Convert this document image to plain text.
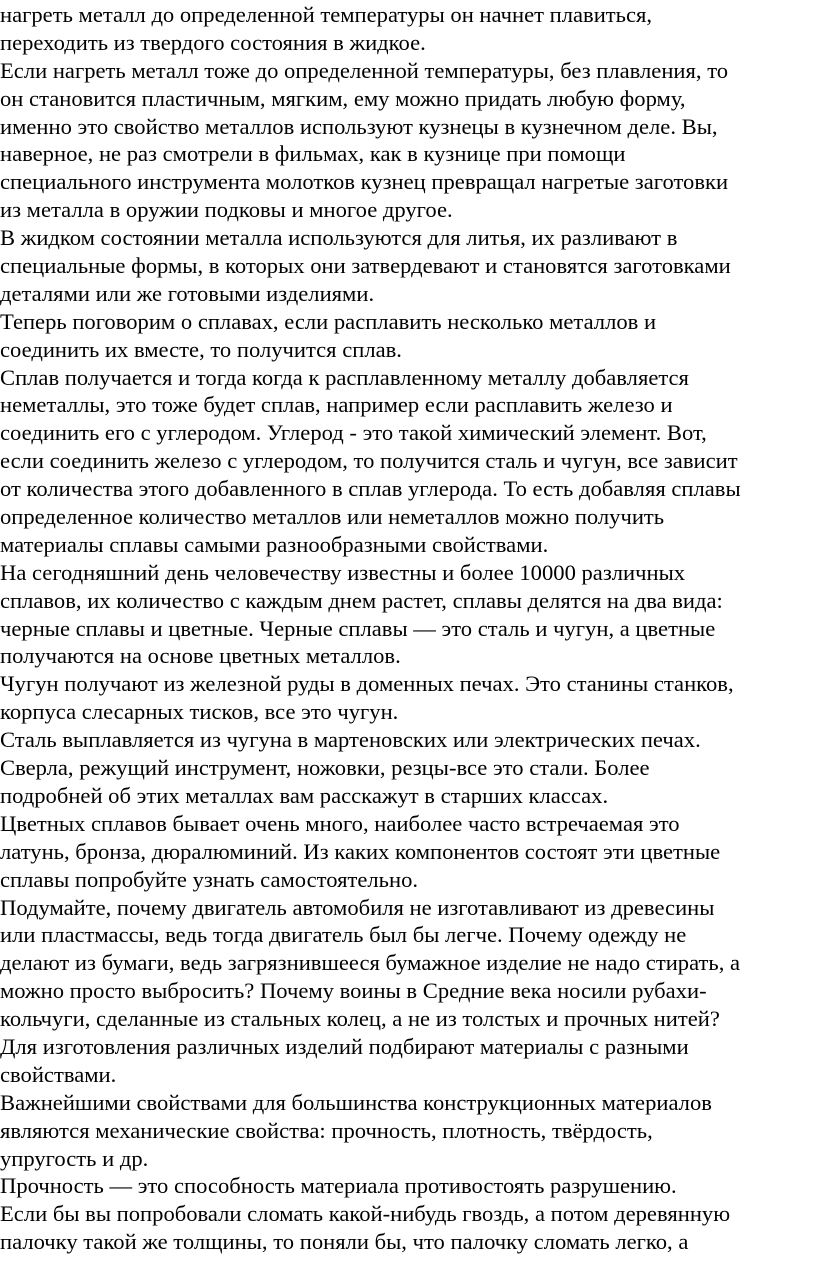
нагреть металл до определенной температуры он начнет плавиться,
переходить из твердого состояния в жидкое.
Если нагреть металл тоже до определенной температуры, без плавления, то
он становится пластичным, мягким, ему можно придать любую форму,
именно это свойство металлов используют кузнецы в кузнечном деле. Вы,
наверное, не раз смотрели в фильмах, как в кузнице при помощи
специального инструмента молотков кузнец превращал нагретые заготовки
из металла в оружии подковы и многое другое.
В жидком состоянии металла используются для литья, их разливают в
специальные формы, в которых они затвердевают и становятся заготовками
деталями или же готовыми изделиями.
Теперь поговорим о сплавах, если расплавить несколько металлов и
соединить их вместе, то получится сплав.
Сплав получается и тогда когда к расплавленному металлу добавляется
неметаллы, это тоже будет сплав, например если расплавить железо и
соединить его с углеродом. Углерод - это такой химический элемент. Вот,
если соединить железо с углеродом, то получится сталь и чугун, все зависит
от количества этого добавленного в сплав углерода. То есть добавляя сплавы
определенное количество металлов или неметаллов можно получить
материалы сплавы самыми разнообразными свойствами.
На сегодняшний день человечеству известны и более 10000 различных
сплавов, их количество с каждым днем растет, сплавы делятся на два вида:
черные сплавы и цветные. Черные сплавы — это сталь и чугун, а цветные
получаются на основе цветных металлов.
Чугун получают из железной руды в доменных печах. Это станины станков,
корпуса слесарных тисков, все это чугун.
Сталь выплавляется из чугуна в мартеновских или электрических печах.
Сверла, режущий инструмент, ножовки, резцы-все это стали. Более
подробней об этих металлах вам расскажут в старших классах.
Цветных сплавов бывает очень много, наиболее часто встречаемая это
латунь, бронза, дюралюминий. Из каких компонентов состоят эти цветные
сплавы попробуйте узнать самостоятельно.
Подумайте, почему двигатель автомобиля не изготавливают из древесины
или пластмассы, ведь тогда двигатель был бы легче. Почему одежду не
делают из бумаги, ведь загрязнившееся бумажное изделие не надо стирать, а
можно просто выбросить? Почему воины в Средние века носили рубахи-
кольчуги, сделанные из стальных колец, а не из толстых и прочных нитей?
Для изготовления различных изделий подбирают материалы с разными
свойствами.
Важнейшими свойствами для большинства конструкционных материалов
являются механические свойства: прочность, плотность, твёрдость,
упругость и др.
Прочность — это способность материала противостоять разрушению.
Если бы вы попробовали сломать какой-нибудь гвоздь, а потом деревянную
палочку такой же толщины, то поняли бы, что палочку сломать легко, а
